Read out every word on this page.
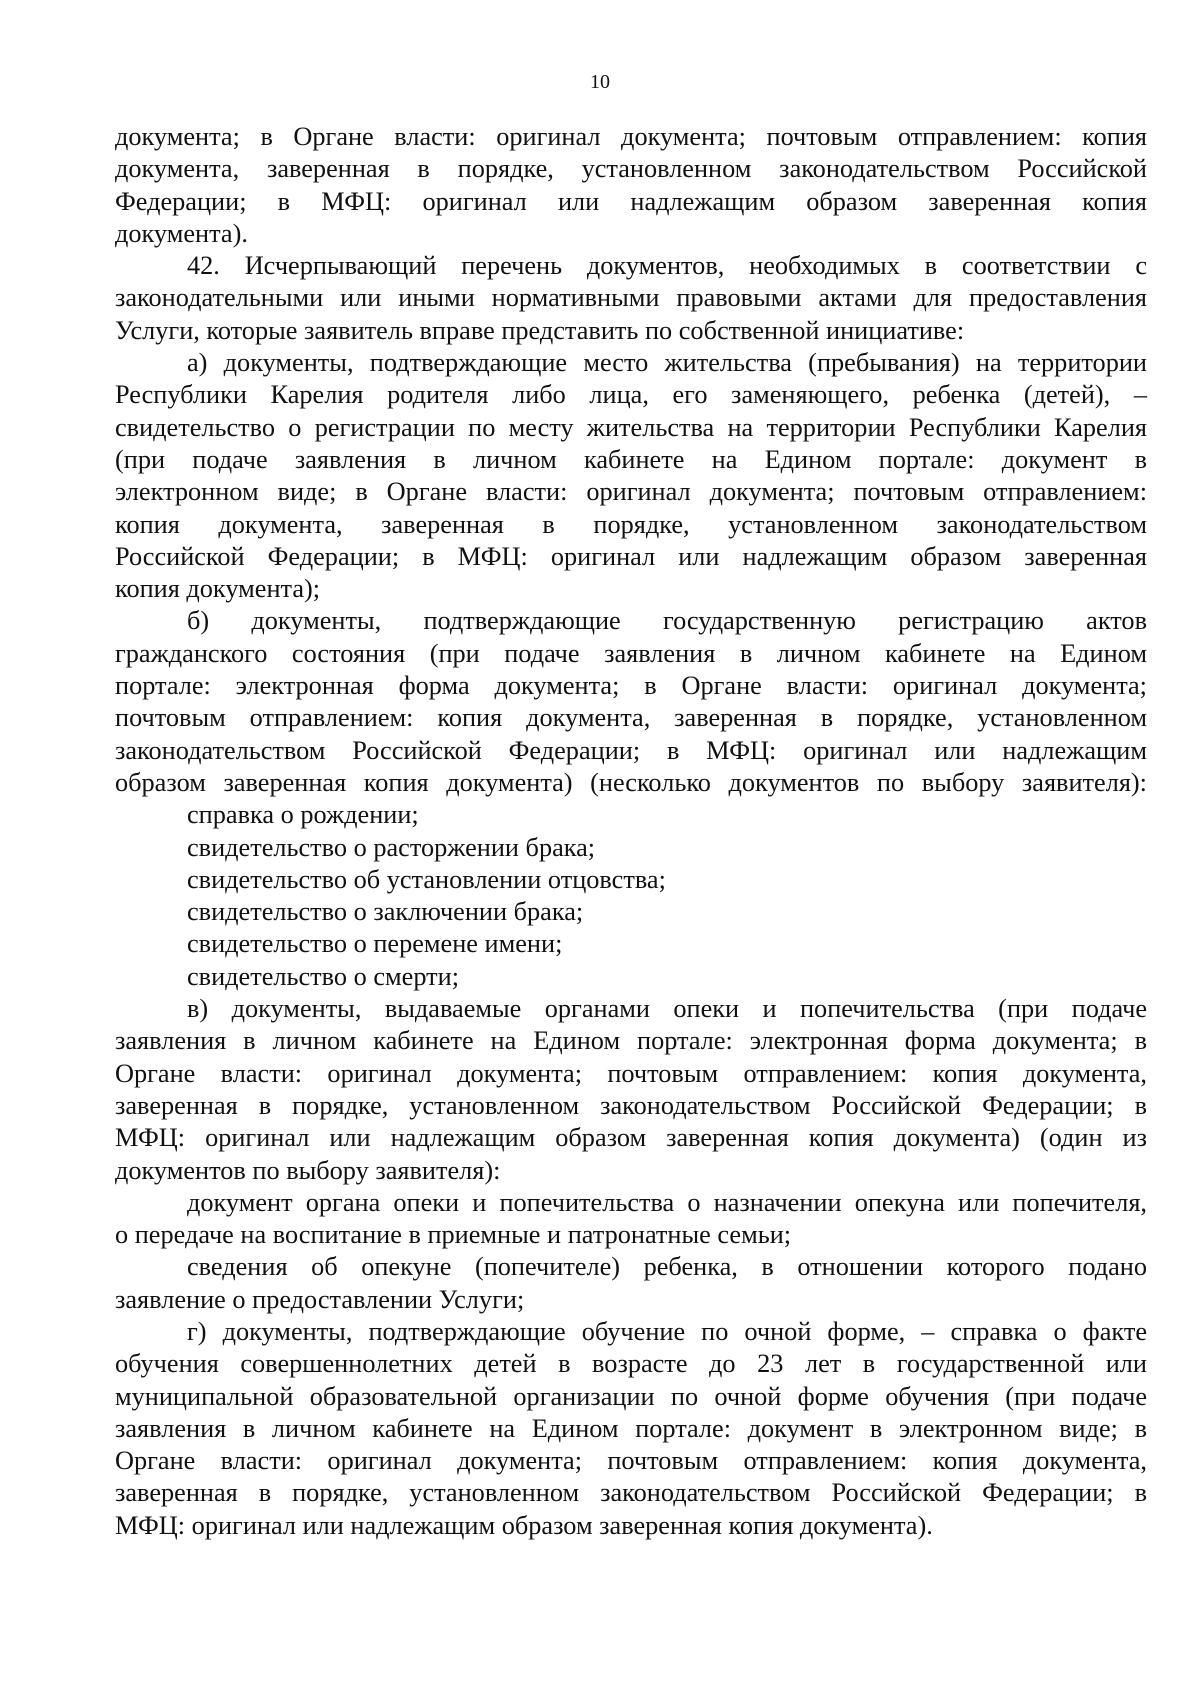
10

документа; в Органе власти: оригинал документа; почтовым отправлением: копия

документа, заверенная в порядке, установленном законодательством Российской

Федерации; в МФЦ: оригинал или надлежащим образом заверенная копия

документа).

42. Исчерпывающий перечень документов, необходимых в соответствии с

законодательными или иными нормативными правовыми актами для предоставления

Услуги, которые заявитель вправе представить по собственной инициативе:

а) документы, подтверждающие место жительства (пребывания) на территории

Республики Карелия родителя либо лица, его заменяющего, ребенка (детей), –

свидетельство о регистрации по месту жительства на территории Республики Карелия

(при подаче заявления в личном кабинете на Едином портале: документ в

электронном виде; в Органе власти: оригинал документа; почтовым отправлением:

копия документа, заверенная в порядке, установленном законодательством

Российской Федерации; в МФЦ: оригинал или надлежащим образом заверенная

копия документа);

б) документы, подтверждающие государственную регистрацию актов

гражданского состояния (при подаче заявления в личном кабинете на Едином

портале: электронная форма документа; в Органе власти: оригинал документа;

почтовым отправлением: копия документа, заверенная в порядке, установленном

законодательством Российской Федерации; в МФЦ: оригинал или надлежащим

образом заверенная копия документа) (несколько документов по выбору заявителя):

справка о рождении;

свидетельство о расторжении брака;

свидетельство об установлении отцовства;

свидетельство о заключении брака;

свидетельство о перемене имени;

свидетельство о смерти;

в) документы, выдаваемые органами опеки и попечительства (при подаче

заявления в личном кабинете на Едином портале: электронная форма документа; в

Органе власти: оригинал документа; почтовым отправлением: копия документа,

заверенная в порядке, установленном законодательством Российской Федерации; в

МФЦ: оригинал или надлежащим образом заверенная копия документа) (один из

документов по выбору заявителя):

документ органа опеки и попечительства о назначении опекуна или попечителя,

о передаче на воспитание в приемные и патронатные семьи;

сведения об опекуне (попечителе) ребенка, в отношении которого подано

заявление о предоставлении Услуги;

г) документы, подтверждающие обучение по очной форме, – справка о факте

обучения совершеннолетних детей в возрасте до 23 лет в государственной или

муниципальной образовательной организации по очной форме обучения (при подаче

заявления в личном кабинете на Едином портале: документ в электронном виде; в

Органе власти: оригинал документа; почтовым отправлением: копия документа,

заверенная в порядке, установленном законодательством Российской Федерации; в

МФЦ: оригинал или надлежащим образом заверенная копия документа).
